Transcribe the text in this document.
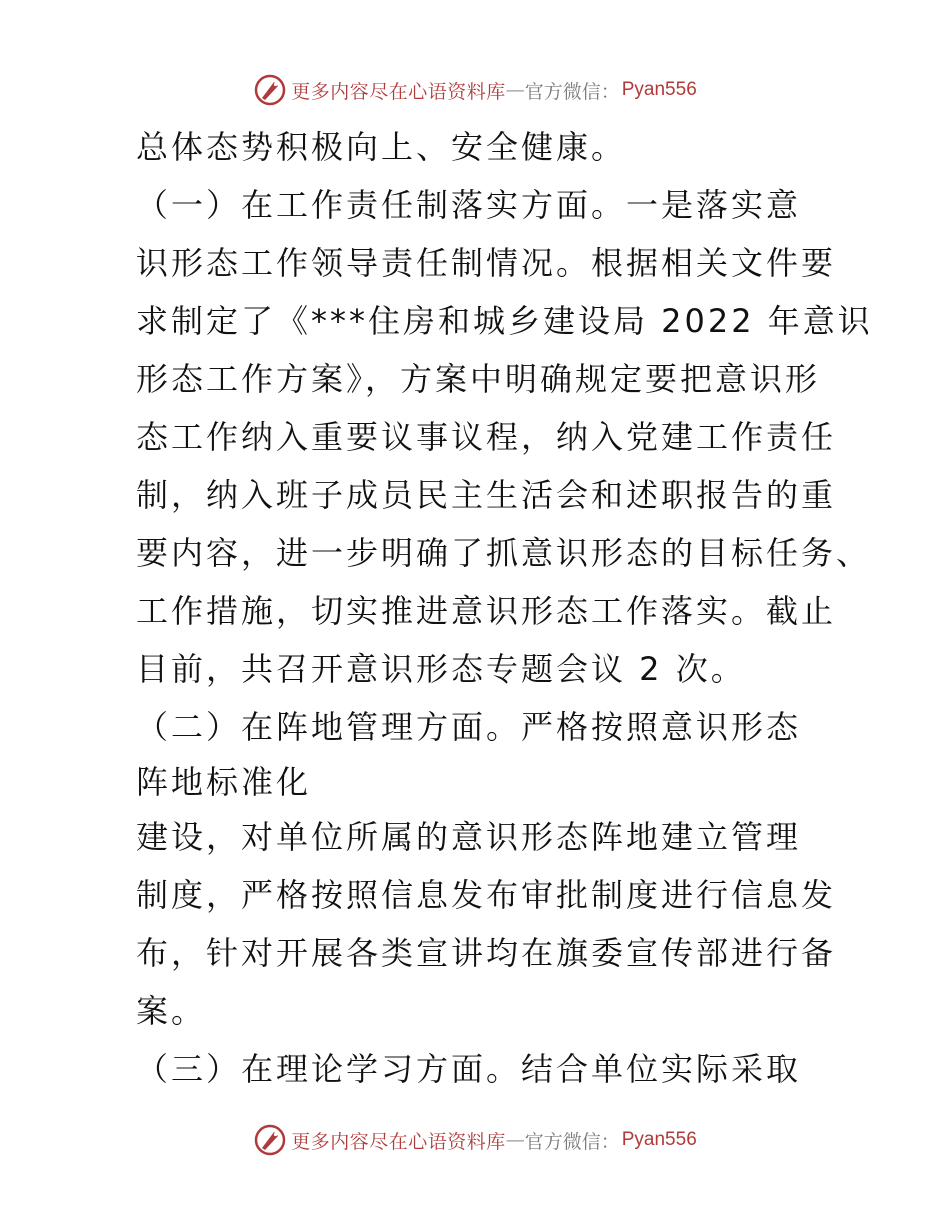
更多内容尽在心语资料库 — 官方微信： Pyan556
总体态势积极向上、安全健康。
（一）在工作责任制落实方面。一是落实意
识形态工作领导责任制情况。根据相关文件要
求制定了《***住房和城乡建设局 2022 年意识
形态工作方案》，方案中明确规定要把意识形
态工作纳入重要议事议程，纳入党建工作责任
制，纳入班子成员民主生活会和述职报告的重
要内容，进一步明确了抓意识形态的目标任务、
工作措施，切实推进意识形态工作落实。截止
目前，共召开意识形态专题会议 2 次。
（二）在阵地管理方面。严格按照意识形态
阵地标准化
建设，对单位所属的意识形态阵地建立管理
制度，严格按照信息发布审批制度进行信息发
布，针对开展各类宣讲均在旗委宣传部进行备
案。
（三）在理论学习方面。结合单位实际采取
更多内容尽在心语资料库 — 官方微信： Pyan556
